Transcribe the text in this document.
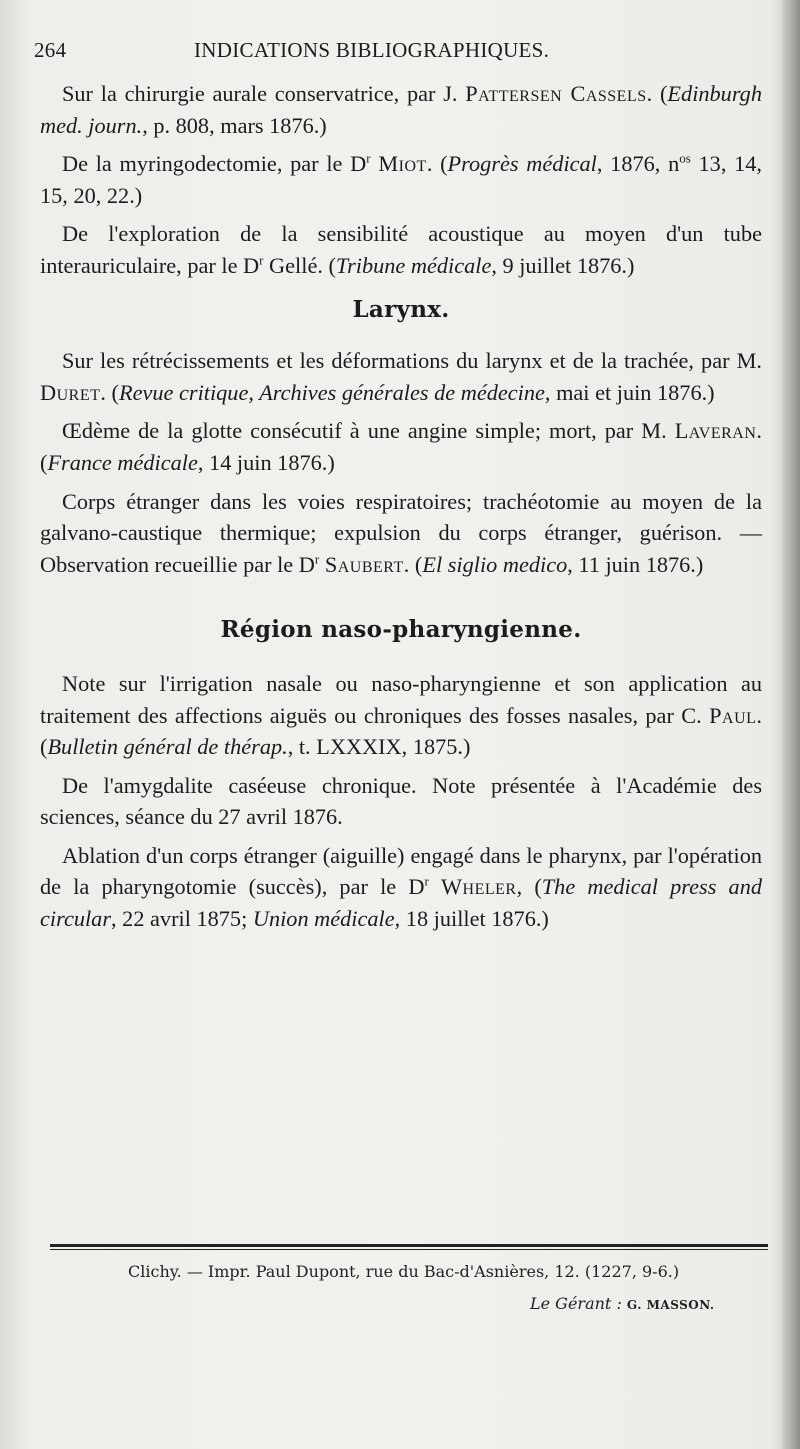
264	INDICATIONS BIBLIOGRAPHIQUES.

Sur la chirurgie aurale conservatrice, par J. Pattersen Cassels. (Edinburgh med. journ., p. 808, mars 1876.)

De la myringodectomie, par le $D^r$ Miot. (Progrès médical, 1876, $n^{os}$ 13, 14, 15, 20, 22.)

De l'exploration de la sensibilité acoustique au moyen d'un tube interauriculaire, par le $D^r$ Gellé. (Tribune médicale, 9 juillet 1876.)

Larynx.

Sur les rétrécissements et les déformations du larynx et de la trachée, par M. Duret. (Revue critique, Archives générales de médecine, mai et juin 1876.)

Œdème de la glotte consécutif à une angine simple; mort, par M. Laveran. (France médicale, 14 juin 1876.)

Corps étranger dans les voies respiratoires; trachéotomie au moyen de la galvano-caustique thermique; expulsion du corps étranger, guérison. — Observation recueillie par le $D^r$ Saubert. (El siglio medico, 11 juin 1876.)

Région naso-pharyngienne.

Note sur l'irrigation nasale ou naso-pharyngienne et son application au traitement des affections aiguës ou chroniques des fosses nasales, par C. Paul. (Bulletin général de thérap., t. LXXXIX, 1875.)

De l'amygdalite caséeuse chronique. Note présentée à l'Académie des sciences, séance du 27 avril 1876.

Ablation d'un corps étranger (aiguille) engagé dans le pharynx, par l'opération de la pharyngotomie (succès), par le $D^r$ Wheler, (The medical press and circular, 22 avril 1875; Union médicale, 18 juillet 1876.)

Clichy. — Impr. Paul Dupont, rue du Bac-d'Asnières, 12. (1227, 9-6.)
Le Gérant : G. MASSON.
